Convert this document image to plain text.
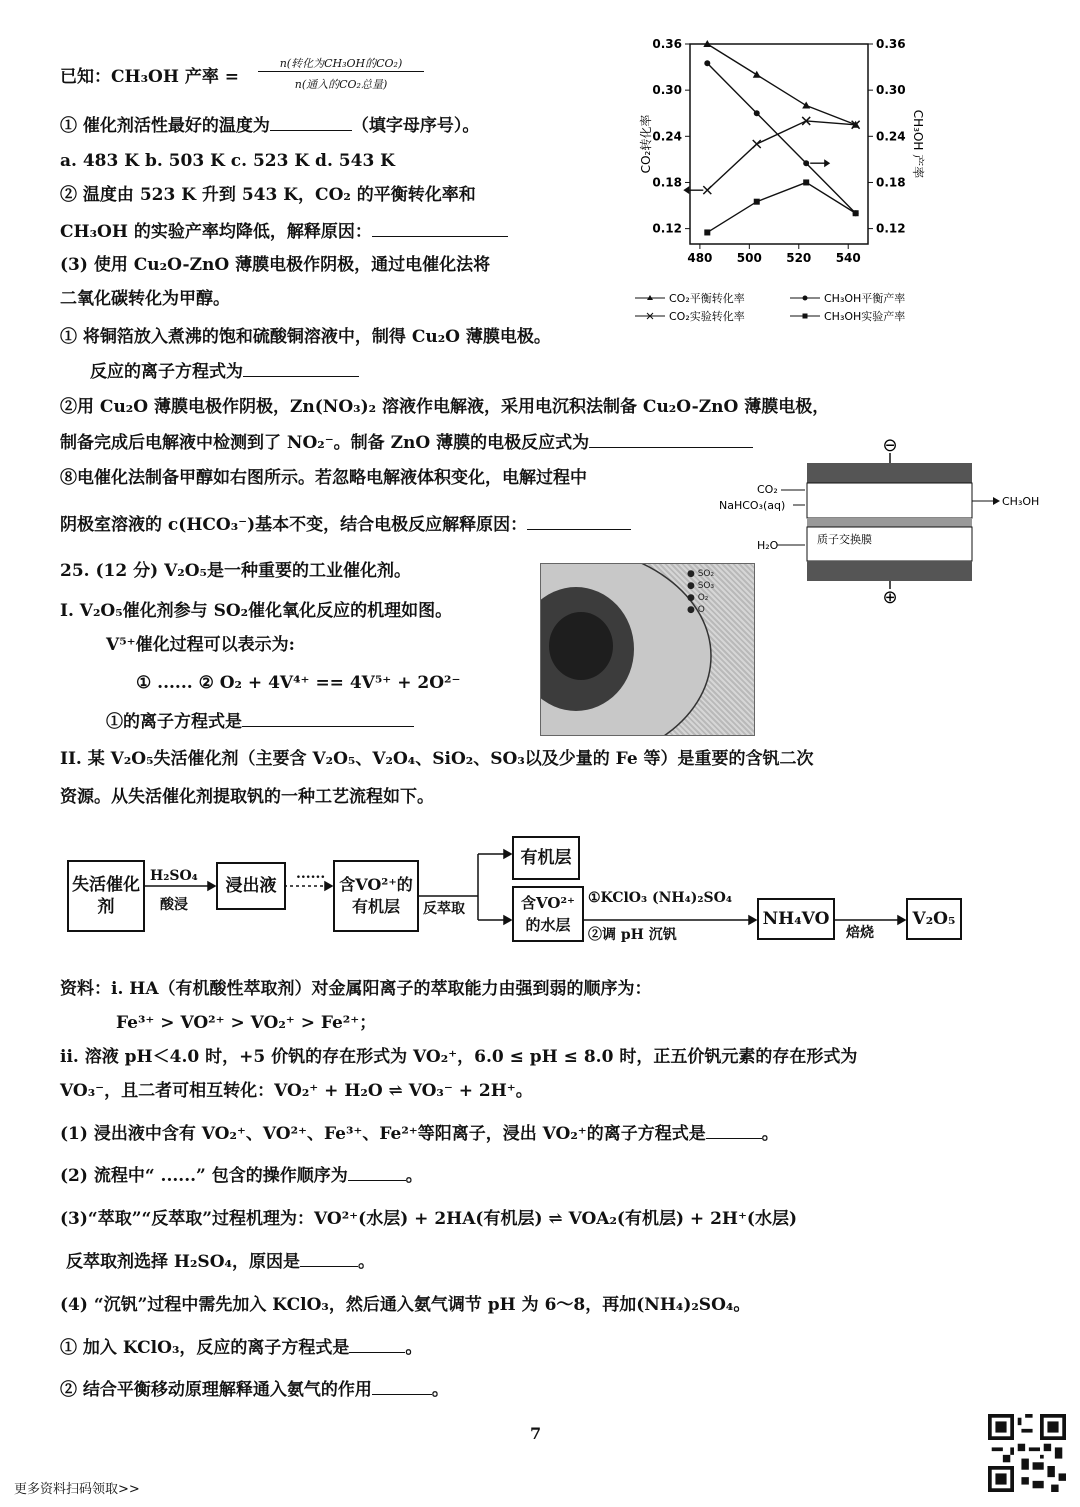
已知：CH₃OH 产率 =
n(转化为CH₃OH的CO₂)
n(通入的CO₂总量)
① 催化剂活性最好的温度为	（填字母序号）。
a. 483 K b. 503 K c. 523 K d. 543 K
② 温度由 523 K 升到 543 K，CO₂ 的平衡转化率和
CH₃OH 的实验产率均降低，解释原因：
(3) 使用 Cu₂O-ZnO 薄膜电极作阴极，通过电催化法将
二氧化碳转化为甲醇。
① 将铜箔放入煮沸的饱和硫酸铜溶液中，制得 Cu₂O 薄膜电极。
反应的离子方程式为
②用 Cu₂O 薄膜电极作阴极，Zn(NO₃)₂ 溶液作电解液，采用电沉积法制备 Cu₂O-ZnO 薄膜电极，
制备完成后电解液中检测到了 NO₂⁻。制备 ZnO 薄膜的电极反应式为
⑧电催化法制备甲醇如右图所示。若忽略电解液体积变化，电解过程中
阴极室溶液的 c(HCO₃⁻)基本不变，结合电极反应解释原因：
0.12
0.18
0.24
0.30
0.36
0.12
0.18
0.24
0.30
0.36
480 500 520 540
CO₂转化率	CH₃OH 产率
CO₂平衡转化率
CO₂实验转化率
CH₃OH平衡产率
CH₃OH实验产率
⊖
⊕
CO₂
NaHCO₃(aq)
H₂O
CH₃OH
质子交换膜
25. (12 分) V₂O₅是一种重要的工业催化剂。
I. V₂O₅催化剂参与 SO₂催化氧化反应的机理如图。
V⁵⁺催化过程可以表示为:
① ...... ② O₂ + 4V⁴⁺ == 4V⁵⁺ + 2O²⁻
①的离子方程式是
● SO₂
● SO₃
● O₂
● O
II. 某 V₂O₅失活催化剂（主要含 V₂O₅、V₂O₄、SiO₂、SO₃以及少量的 Fe 等）是重要的含钒二次
资源。从失活催化剂提取钒的一种工艺流程如下。
失活催化剂
浸出液	含VO²⁺的有机层
有机层
含VO²⁺的水层	NH₄VO	V₂O₅
H₂SO₄
酸浸
......
反萃取
①KClO₃ (NH₄)₂SO₄
②调 pH 沉钒	焙烧
资料：i. HA（有机酸性萃取剂）对金属阳离子的萃取能力由强到弱的顺序为：
Fe³⁺ > VO²⁺ > VO₂⁺ > Fe²⁺；
ii. 溶液 pH＜4.0 时，+5 价钒的存在形式为 VO₂⁺，6.0 ≤ pH ≤ 8.0 时，正五价钒元素的存在形式为
VO₃⁻，且二者可相互转化：VO₂⁺ + H₂O ⇌ VO₃⁻ + 2H⁺。
(1) 浸出液中含有 VO₂⁺、VO²⁺、Fe³⁺、Fe²⁺等阳离子，浸出 VO₂⁺的离子方程式是	。
(2) 流程中“ ......” 包含的操作顺序为	。
(3)“萃取”“反萃取”过程机理为：VO²⁺(水层) + 2HA(有机层) ⇌ VOA₂(有机层) + 2H⁺(水层)
反萃取剂选择 H₂SO₄，原因是	。
(4) “沉钒”过程中需先加入 KClO₃，然后通入氨气调节 pH 为 6～8，再加(NH₄)₂SO₄。
① 加入 KClO₃，反应的离子方程式是	。
② 结合平衡移动原理解释通入氨气的作用	。
7
更多资料扫码领取>>
